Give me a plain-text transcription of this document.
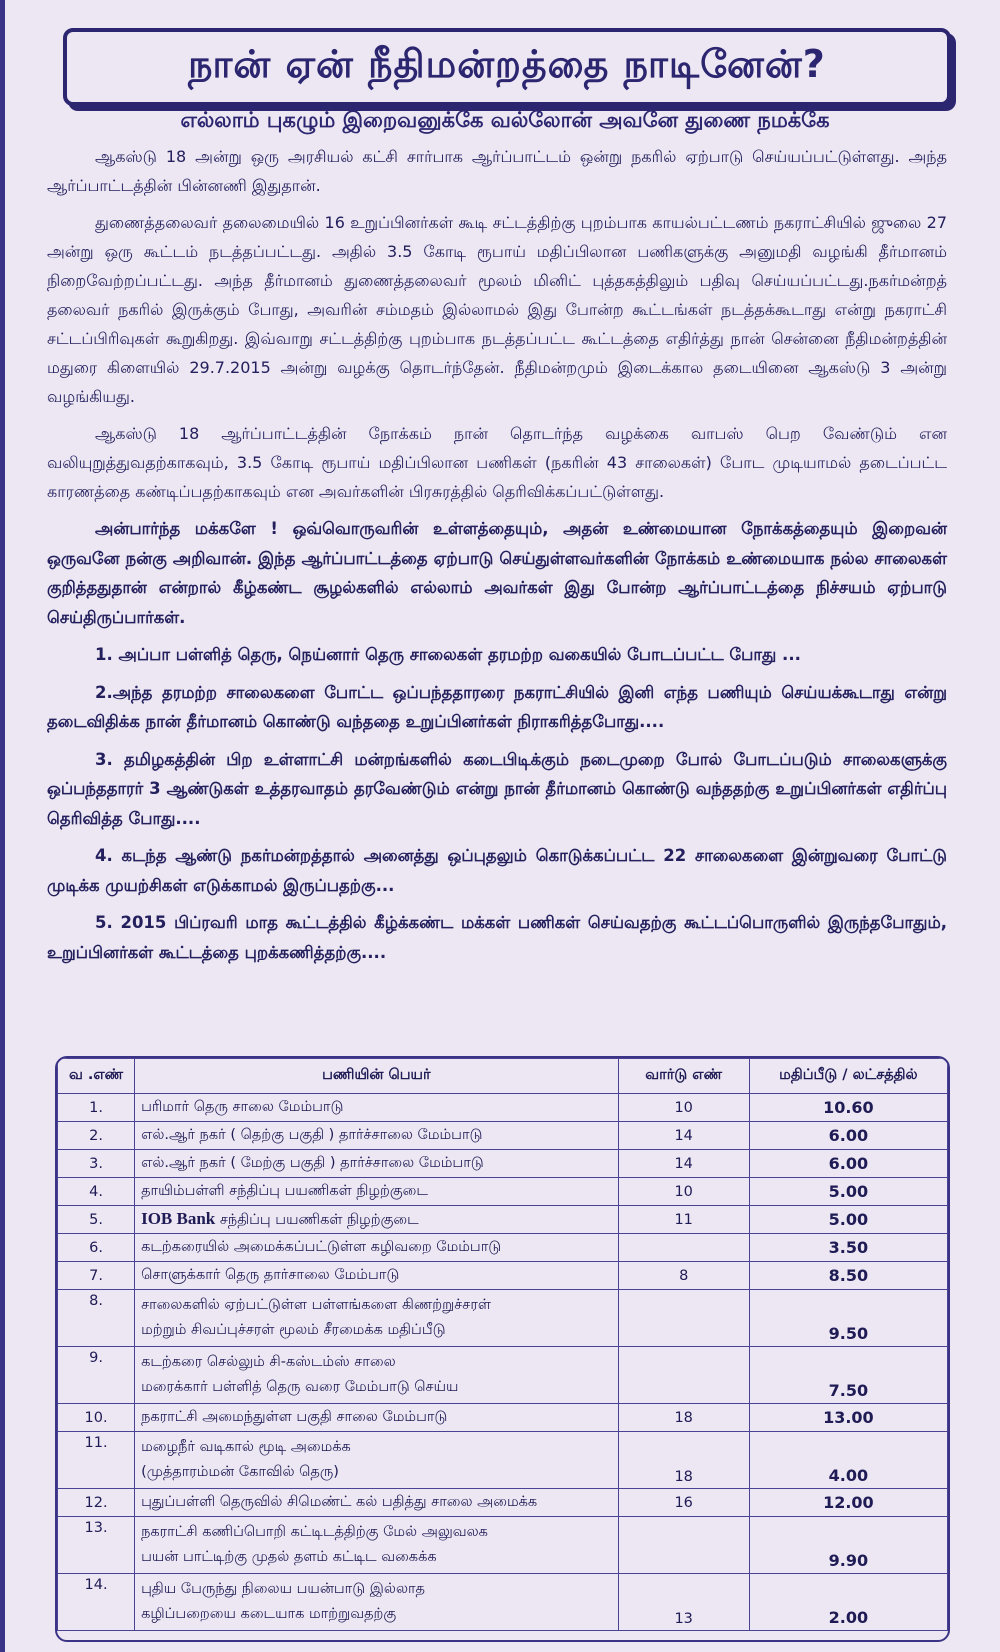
நான் ஏன் நீதிமன்றத்தை நாடினேன்?
எல்லாம் புகழும் இறைவனுக்கே வல்லோன் அவனே துணை நமக்கே

ஆகஸ்டு 18 அன்று ஒரு அரசியல் கட்சி சார்பாக ஆர்ப்பாட்டம் ஒன்று நகரில் ஏற்பாடு செய்யப்பட்டுள்ளது. அந்த ஆர்ப்பாட்டத்தின் பின்னணி இதுதான்.

துணைத்தலைவர் தலைமையில் 16 உறுப்பினர்கள் கூடி சட்டத்திற்கு புறம்பாக காயல்பட்டணம் நகராட்சியில் ஜுலை 27 அன்று ஒரு கூட்டம் நடத்தப்பட்டது. அதில் 3.5 கோடி ரூபாய் மதிப்பிலான பணிகளுக்கு அனுமதி வழங்கி தீர்மானம் நிறைவேற்றப்பட்டது. அந்த தீர்மானம் துணைத்தலைவர் மூலம் மினிட் புத்தகத்திலும் பதிவு செய்யப்பட்டது.நகர்மன்றத் தலைவர் நகரில் இருக்கும் போது, அவரின் சம்மதம் இல்லாமல் இது போன்ற கூட்டங்கள் நடத்தக்கூடாது என்று நகராட்சி சட்டப்பிரிவுகள் கூறுகிறது. இவ்வாறு சட்டத்திற்கு புறம்பாக நடத்தப்பட்ட கூட்டத்தை எதிர்த்து நான் சென்னை நீதிமன்றத்தின் மதுரை கிளையில் 29.7.2015 அன்று வழக்கு தொடர்ந்தேன். நீதிமன்றமும் இடைக்கால தடையினை ஆகஸ்டு 3 அன்று வழங்கியது.

ஆகஸ்டு 18 ஆர்ப்பாட்டத்தின் நோக்கம் நான் தொடர்ந்த வழக்கை வாபஸ் பெற வேண்டும் என வலியுறுத்துவதற்காகவும், 3.5 கோடி ரூபாய் மதிப்பிலான பணிகள் (நகரின் 43 சாலைகள்) போட முடியாமல் தடைப்பட்ட காரணத்தை கண்டிப்பதற்காகவும் என அவர்களின் பிரசுரத்தில் தெரிவிக்கப்பட்டுள்ளது.

அன்பார்ந்த மக்களே ! ஒவ்வொருவரின் உள்ளத்தையும், அதன் உண்மையான நோக்கத்தையும் இறைவன் ஒருவனே நன்கு அறிவான். இந்த ஆர்ப்பாட்டத்தை ஏற்பாடு செய்துள்ளவர்களின் நோக்கம் உண்மையாக நல்ல சாலைகள் குறித்ததுதான் என்றால் கீழ்கண்ட சூழல்களில் எல்லாம் அவர்கள் இது போன்ற ஆர்ப்பாட்டத்தை நிச்சயம் ஏற்பாடு செய்திருப்பார்கள்.

1. அப்பா பள்ளித் தெரு, நெய்னார் தெரு சாலைகள் தரமற்ற வகையில் போடப்பட்ட போது ...

2.அந்த தரமற்ற சாலைகளை போட்ட ஒப்பந்ததாரரை நகராட்சியில் இனி எந்த பணியும் செய்யக்கூடாது என்று தடைவிதிக்க நான் தீர்மானம் கொண்டு வந்ததை உறுப்பினர்கள் நிராகரித்தபோது....

3. தமிழகத்தின் பிற உள்ளாட்சி மன்றங்களில் கடைபிடிக்கும் நடைமுறை போல் போடப்படும் சாலைகளுக்கு ஒப்பந்ததாரர் 3 ஆண்டுகள் உத்தரவாதம் தரவேண்டும் என்று நான் தீர்மானம் கொண்டு வந்ததற்கு உறுப்பினர்கள் எதிர்ப்பு தெரிவித்த போது....

4. கடந்த ஆண்டு நகர்மன்றத்தால் அனைத்து ஒப்புதலும் கொடுக்கப்பட்ட 22 சாலைகளை இன்றுவரை போட்டு முடிக்க முயற்சிகள் எடுக்காமல் இருப்பதற்கு...

5. 2015 பிப்ரவரி மாத கூட்டத்தில் கீழ்க்கண்ட மக்கள் பணிகள் செய்வதற்கு கூட்டப்பொருளில் இருந்தபோதும், உறுப்பினர்கள் கூட்டத்தை புறக்கணித்தற்கு....

வ .எண்	பணியின் பெயர்	வார்டு எண்	மதிப்பீடு / லட்சத்தில்
1.	பரிமார் தெரு சாலை மேம்பாடு	10	10.60
2.	எல்.ஆர் நகர் ( தெற்கு பகுதி ) தார்ச்சாலை மேம்பாடு	14	6.00
3.	எல்.ஆர் நகர் ( மேற்கு பகுதி ) தார்ச்சாலை மேம்பாடு	14	6.00
4.	தாயிம்பள்ளி சந்திப்பு பயணிகள் நிழற்குடை	10	5.00
5.	IOB Bank சந்திப்பு பயணிகள் நிழற்குடை	11	5.00
6.	கடற்கரையில் அமைக்கப்பட்டுள்ள கழிவறை மேம்பாடு		3.50
7.	சொளுக்கார் தெரு தார்சாலை மேம்பாடு	8	8.50
8.	சாலைகளில் ஏற்பட்டுள்ள பள்ளங்களை கிணற்றுச்சரள்
மற்றும் சிவப்புச்சரள் மூலம் சீரமைக்க மதிப்பீடு		9.50
9.	கடற்கரை செல்லும் சி-கஸ்டம்ஸ் சாலை
மரைக்கார் பள்ளித் தெரு வரை மேம்பாடு செய்ய		7.50
10.	நகராட்சி அமைந்துள்ள பகுதி சாலை மேம்பாடு	18	13.00
11.	மழைநீர் வடிகால் மூடி அமைக்க
(முத்தாரம்மன் கோவில் தெரு)	18	4.00
12.	புதுப்பள்ளி தெருவில் சிமெண்ட் கல் பதித்து சாலை அமைக்க	16	12.00
13.	நகராட்சி கணிப்பொறி கட்டிடத்திற்கு மேல் அலுவலக
பயன் பாட்டிற்கு முதல் தளம் கட்டிட வகைக்க		9.90
14.	புதிய பேருந்து நிலைய பயன்பாடு இல்லாத
கழிப்பறையை கடையாக மாற்றுவதற்கு	13	2.00
